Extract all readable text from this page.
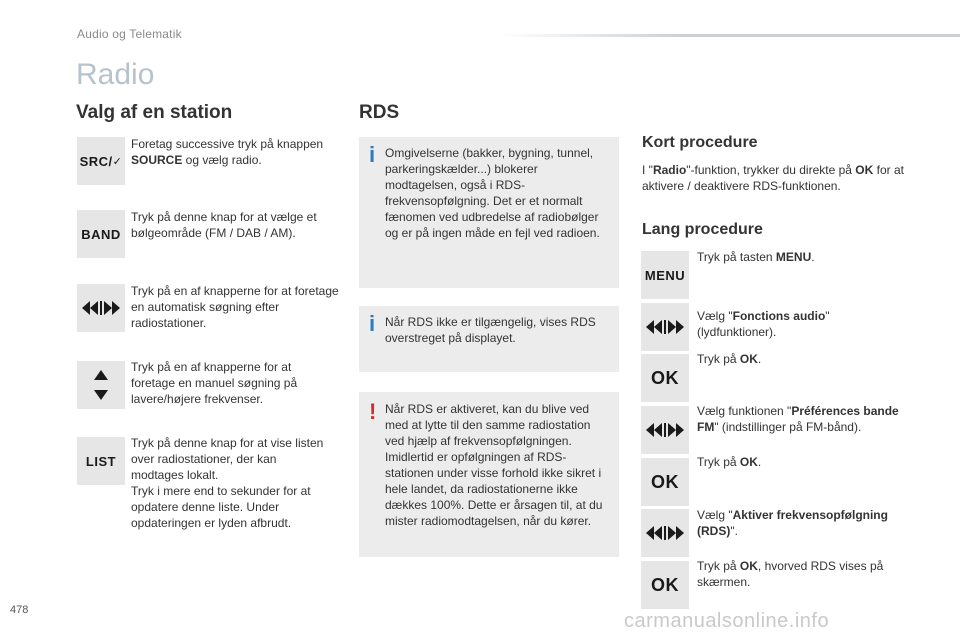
Audio og Telematik
Radio
Valg af en station
SRC/ ✓
Foretag successive tryk på knappen SOURCE og vælg radio.
BAND
Tryk på denne knap for at vælge et bølgeområde (FM / DAB / AM).
Tryk på en af knapperne for at foretage en automatisk søgning efter radiostationer.
Tryk på en af knapperne for at foretage en manuel søgning på lavere/højere frekvenser.
LIST
Tryk på denne knap for at vise listen over radiostationer, der kan modtages lokalt.
Tryk i mere end to sekunder for at opdatere denne liste. Under opdateringen er lyden afbrudt.
RDS
i Omgivelserne (bakker, bygning, tunnel, parkeringskælder...) blokerer modtagelsen, også i RDS-frekvensopfølgning. Det er et normalt fænomen ved udbredelse af radiobølger og er på ingen måde en fejl ved radioen.
i Når RDS ikke er tilgængelig, vises RDS overstreget på displayet.
! Når RDS er aktiveret, kan du blive ved med at lytte til den samme radiostation ved hjælp af frekvensopfølgningen. Imidlertid er opfølgningen af RDS-stationen under visse forhold ikke sikret i hele landet, da radiostationerne ikke dækkes 100%. Dette er årsagen til, at du mister radiomodtagelsen, når du kører.
Kort procedure
I "Radio"-funktion, trykker du direkte på OK for at aktivere / deaktivere RDS-funktionen.
Lang procedure
MENU
Tryk på tasten MENU.
Vælg "Fonctions audio" (lydfunktioner).
OK
Tryk på OK.
Vælg funktionen "Préférences bande FM" (indstillinger på FM-bånd).
OK
Tryk på OK.
Vælg "Aktiver frekvensopfølgning (RDS)".
OK
Tryk på OK, hvorved RDS vises på skærmen.
478	carmanualsonline.info
